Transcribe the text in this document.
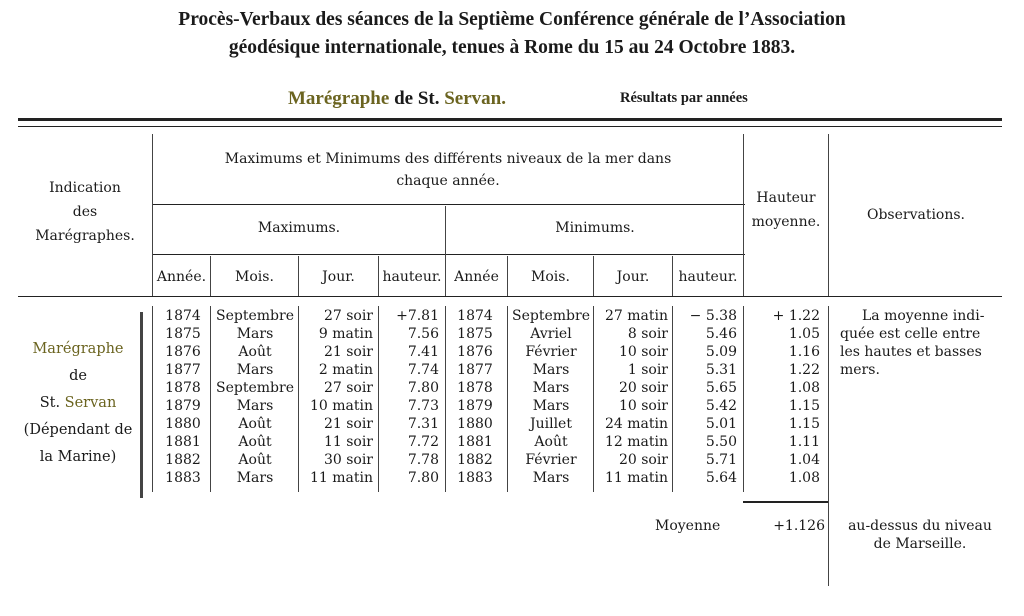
Procès-Verbaux des séances de la Septième Conférence générale de l’Association
géodésique internationale, tenues à Rome du 15 au 24 Octobre 1883.
Marégraphe de St. Servan.	Résultats par années
Indication
des
Marégraphes.
Maximums et Minimums des différents niveaux de la mer dans
chaque année.
Maximums.	Minimums.
Hauteur
moyenne.	Observations.
Année.	Mois.	Jour.	hauteur. Année	Mois.	Jour.	hauteur.
Marégraphe
de
St. Servan
(Dépendant de
la Marine)
1874	Septembre	27 soir	+7.81	1874	Septembre	27 matin	− 5.38	+ 1.22
1875	Mars	9 matin	7.56	1875	Avriel	8 soir	5.46	1.05
1876	Août	21 soir	7.41	1876	Février	10 soir	5.09	1.16
1877	Mars	2 matin	7.74	1877	Mars	1 soir	5.31	1.22
1878	Septembre	27 soir	7.80	1878	Mars	20 soir	5.65	1.08
1879	Mars	10 matin	7.73	1879	Mars	10 soir	5.42	1.15
1880	Août	21 soir	7.31	1880	Juillet	24 matin	5.01	1.15
1881	Août	11 soir	7.72	1881	Août	12 matin	5.50	1.11
1882	Août	30 soir	7.78	1882	Février	20 soir	5.71	1.04
1883	Mars	11 matin	7.80	1883	Mars	11 matin	5.64	1.08
La moyenne indi-
quée est celle entre
les hautes et basses
mers.
Moyenne	+1.126	au-dessus du niveau
de Marseille.
